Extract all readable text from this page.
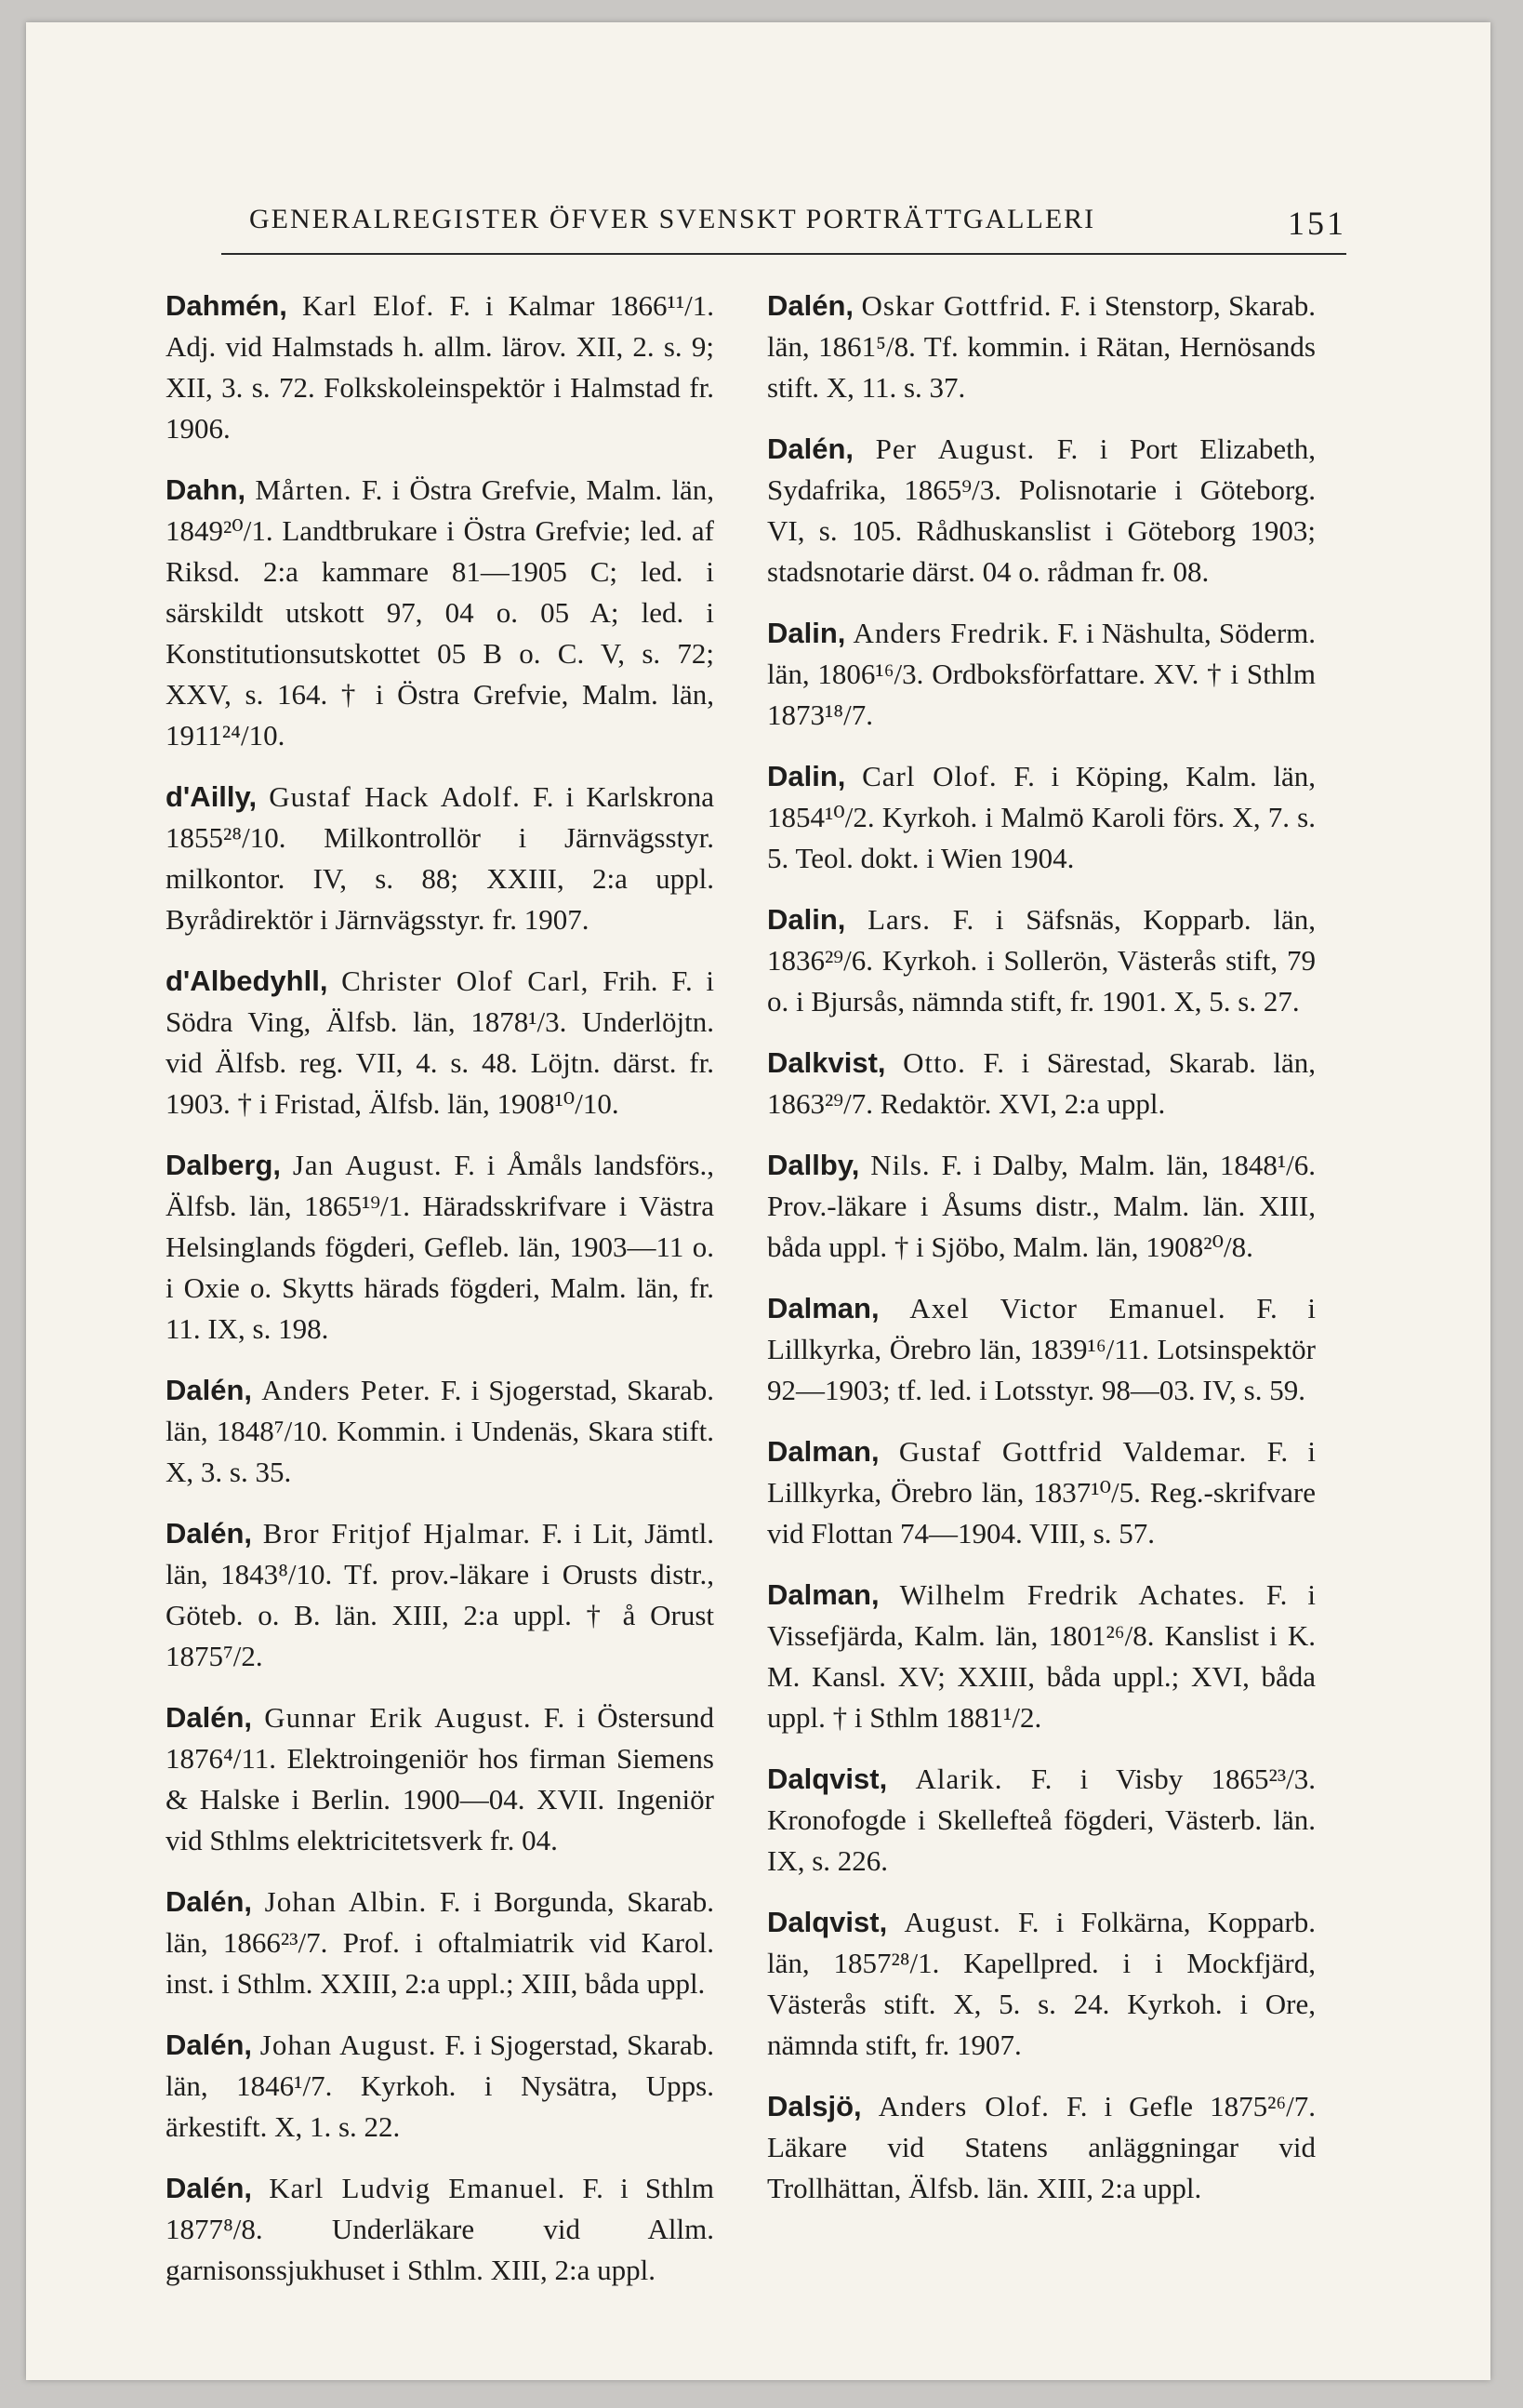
GENERALREGISTER ÖFVER SVENSKT PORTRÄTTGALLERI	151

Dahmén, Karl Elof. F. i Kalmar 1866¹¹/1. Adj. vid Halmstads h. allm. lärov. XII, 2. s. 9; XII, 3. s. 72. Folkskoleinspektör i Halmstad fr. 1906.

Dahn, Mårten. F. i Östra Grefvie, Malm. län, 1849²⁰/1. Landtbrukare i Östra Grefvie; led. af Riksd. 2:a kammare 81—1905 C; led. i särskildt utskott 97, 04 o. 05 A; led. i Konstitutionsutskottet 05 B o. C. V, s. 72; XXV, s. 164. † i Östra Grefvie, Malm. län, 1911²⁴/10.

d'Ailly, Gustaf Hack Adolf. F. i Karlskrona 1855²⁸/10. Milkontrollör i Järnvägsstyr. milkontor. IV, s. 88; XXIII, 2:a uppl. Byrådirektör i Järnvägsstyr. fr. 1907.

d'Albedyhll, Christer Olof Carl, Frih. F. i Södra Ving, Älfsb. län, 1878¹/3. Underlöjtn. vid Älfsb. reg. VII, 4. s. 48. Löjtn. därst. fr. 1903. † i Fristad, Älfsb. län, 1908¹⁰/10.

Dalberg, Jan August. F. i Åmåls landsförs., Älfsb. län, 1865¹⁹/1. Häradsskrifvare i Västra Helsinglands fögderi, Gefleb. län, 1903—11 o. i Oxie o. Skytts härads fögderi, Malm. län, fr. 11. IX, s. 198.

Dalén, Anders Peter. F. i Sjogerstad, Skarab. län, 1848⁷/10. Kommin. i Undenäs, Skara stift. X, 3. s. 35.

Dalén, Bror Fritjof Hjalmar. F. i Lit, Jämtl. län, 1843⁸/10. Tf. prov.-läkare i Orusts distr., Göteb. o. B. län. XIII, 2:a uppl. † å Orust 1875⁷/2.

Dalén, Gunnar Erik August. F. i Östersund 1876⁴/11. Elektroingeniör hos firman Siemens & Halske i Berlin. 1900—04. XVII. Ingeniör vid Sthlms elektricitetsverk fr. 04.

Dalén, Johan Albin. F. i Borgunda, Skarab. län, 1866²³/7. Prof. i oftalmiatrik vid Karol. inst. i Sthlm. XXIII, 2:a uppl.; XIII, båda uppl.

Dalén, Johan August. F. i Sjogerstad, Skarab. län, 1846¹/7. Kyrkoh. i Nysätra, Upps. ärkestift. X, 1. s. 22.

Dalén, Karl Ludvig Emanuel. F. i Sthlm 1877⁸/8. Underläkare vid Allm. garnisonssjukhuset i Sthlm. XIII, 2:a uppl.

Dalén, Oskar Gottfrid. F. i Stenstorp, Skarab. län, 1861⁵/8. Tf. kommin. i Rätan, Hernösands stift. X, 11. s. 37.

Dalén, Per August. F. i Port Elizabeth, Sydafrika, 1865⁹/3. Polisnotarie i Göteborg. VI, s. 105. Rådhuskanslist i Göteborg 1903; stadsnotarie därst. 04 o. rådman fr. 08.

Dalin, Anders Fredrik. F. i Näshulta, Söderm. län, 1806¹⁶/3. Ordboksförfattare. XV. † i Sthlm 1873¹⁸/7.

Dalin, Carl Olof. F. i Köping, Kalm. län, 1854¹⁰/2. Kyrkoh. i Malmö Karoli förs. X, 7. s. 5. Teol. dokt. i Wien 1904.

Dalin, Lars. F. i Säfsnäs, Kopparb. län, 1836²⁹/6. Kyrkoh. i Sollerön, Västerås stift, 79 o. i Bjursås, nämnda stift, fr. 1901. X, 5. s. 27.

Dalkvist, Otto. F. i Särestad, Skarab. län, 1863²⁹/7. Redaktör. XVI, 2:a uppl.

Dallby, Nils. F. i Dalby, Malm. län, 1848¹/6. Prov.-läkare i Åsums distr., Malm. län. XIII, båda uppl. † i Sjöbo, Malm. län, 1908²⁰/8.

Dalman, Axel Victor Emanuel. F. i Lillkyrka, Örebro län, 1839¹⁶/11. Lotsinspektör 92—1903; tf. led. i Lotsstyr. 98—03. IV, s. 59.

Dalman, Gustaf Gottfrid Valdemar. F. i Lillkyrka, Örebro län, 1837¹⁰/5. Reg.-skrifvare vid Flottan 74—1904. VIII, s. 57.

Dalman, Wilhelm Fredrik Achates. F. i Vissefjärda, Kalm. län, 1801²⁶/8. Kanslist i K. M. Kansl. XV; XXIII, båda uppl.; XVI, båda uppl. † i Sthlm 1881¹/2.

Dalqvist, Alarik. F. i Visby 1865²³/3. Kronofogde i Skellefteå fögderi, Västerb. län. IX, s. 226.

Dalqvist, August. F. i Folkärna, Kopparb. län, 1857²⁸/1. Kapellpred. i i Mockfjärd, Västerås stift. X, 5. s. 24. Kyrkoh. i Ore, nämnda stift, fr. 1907.

Dalsjö, Anders Olof. F. i Gefle 1875²⁶/7. Läkare vid Statens anläggningar vid Trollhättan, Älfsb. län. XIII, 2:a uppl.
